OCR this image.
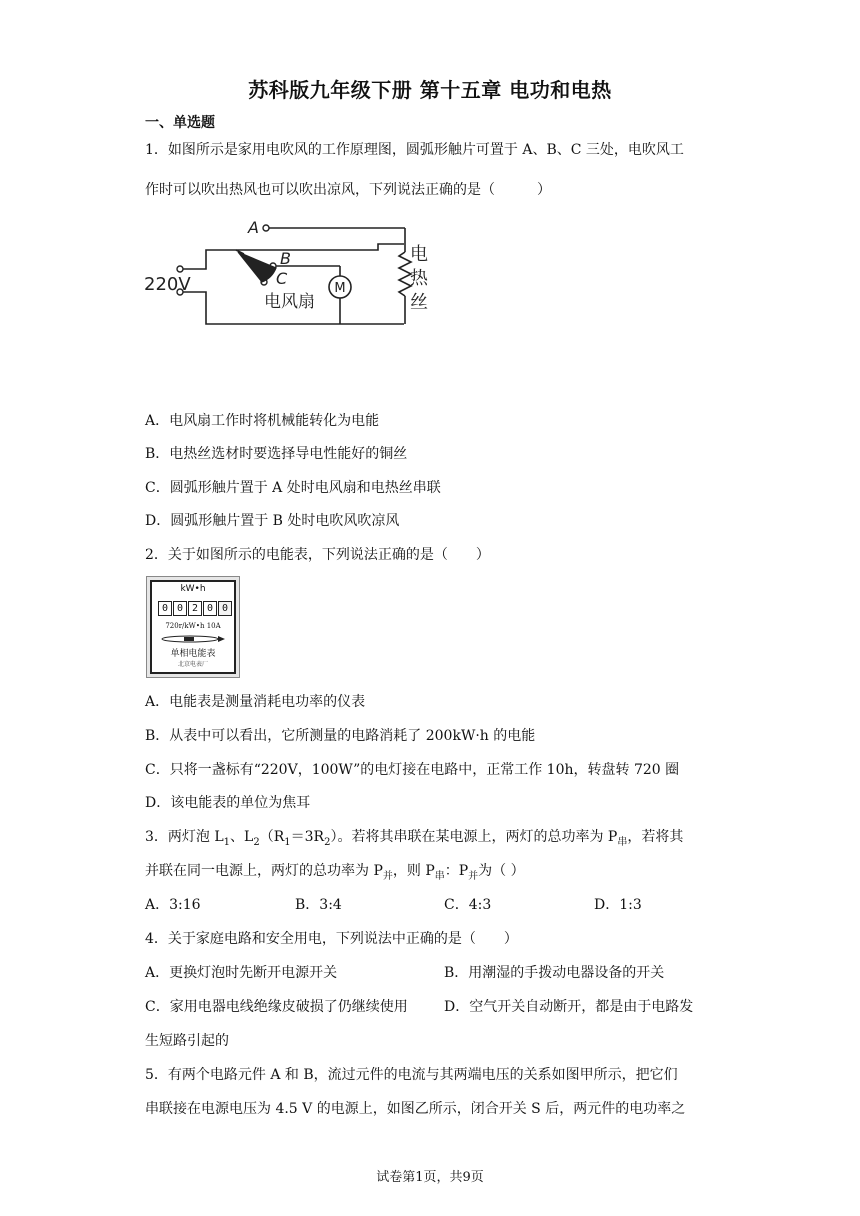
苏科版九年级下册 第十五章 电功和电热
一、单选题
1．如图所示是家用电吹风的工作原理图，圆弧形触片可置于 A、B、C 三处，电吹风工
作时可以吹出热风也可以吹出凉风，下列说法正确的是（　　　）
M
220V
A
B
C
电风扇
电
热
丝
A．电风扇工作时将机械能转化为电能
B．电热丝选材时要选择导电性能好的铜丝
C．圆弧形触片置于 A 处时电风扇和电热丝串联
D．圆弧形触片置于 B 处时电吹风吹凉风
2．关于如图所示的电能表，下列说法正确的是（　　）
kW•h
0 0 2 0 0
720r/kW•h 10A
单相电能表
北京电表厂
A．电能表是测量消耗电功率的仪表
B．从表中可以看出，它所测量的电路消耗了 200kW·h 的电能
C．只将一盏标有“220V，100W”的电灯接在电路中，正常工作 10h，转盘转 720 圈
D．该电能表的单位为焦耳
3．两灯泡 $L_1$、$L_2(R_1=3R_2)$。若将其串联在某电源上，两灯的总功率为 $P_串$，若将其
并联在同一电源上，两灯的总功率为 $P_并$，则 $P_串$：$P_并$为（ ）
A．3:16	B．3:4	C．4:3	D．1:3
4．关于家庭电路和安全用电，下列说法中正确的是（　　）
A．更换灯泡时先断开电源开关	B．用潮湿的手拨动电器设备的开关
C．家用电器电线绝缘皮破损了仍继续使用	D．空气开关自动断开，都是由于电路发
生短路引起的
5．有两个电路元件 A 和 B，流过元件的电流与其两端电压的关系如图甲所示，把它们
串联接在电源电压为 4.5 V 的电源上，如图乙所示，闭合开关 S 后，两元件的电功率之
试卷第1页，共9页
